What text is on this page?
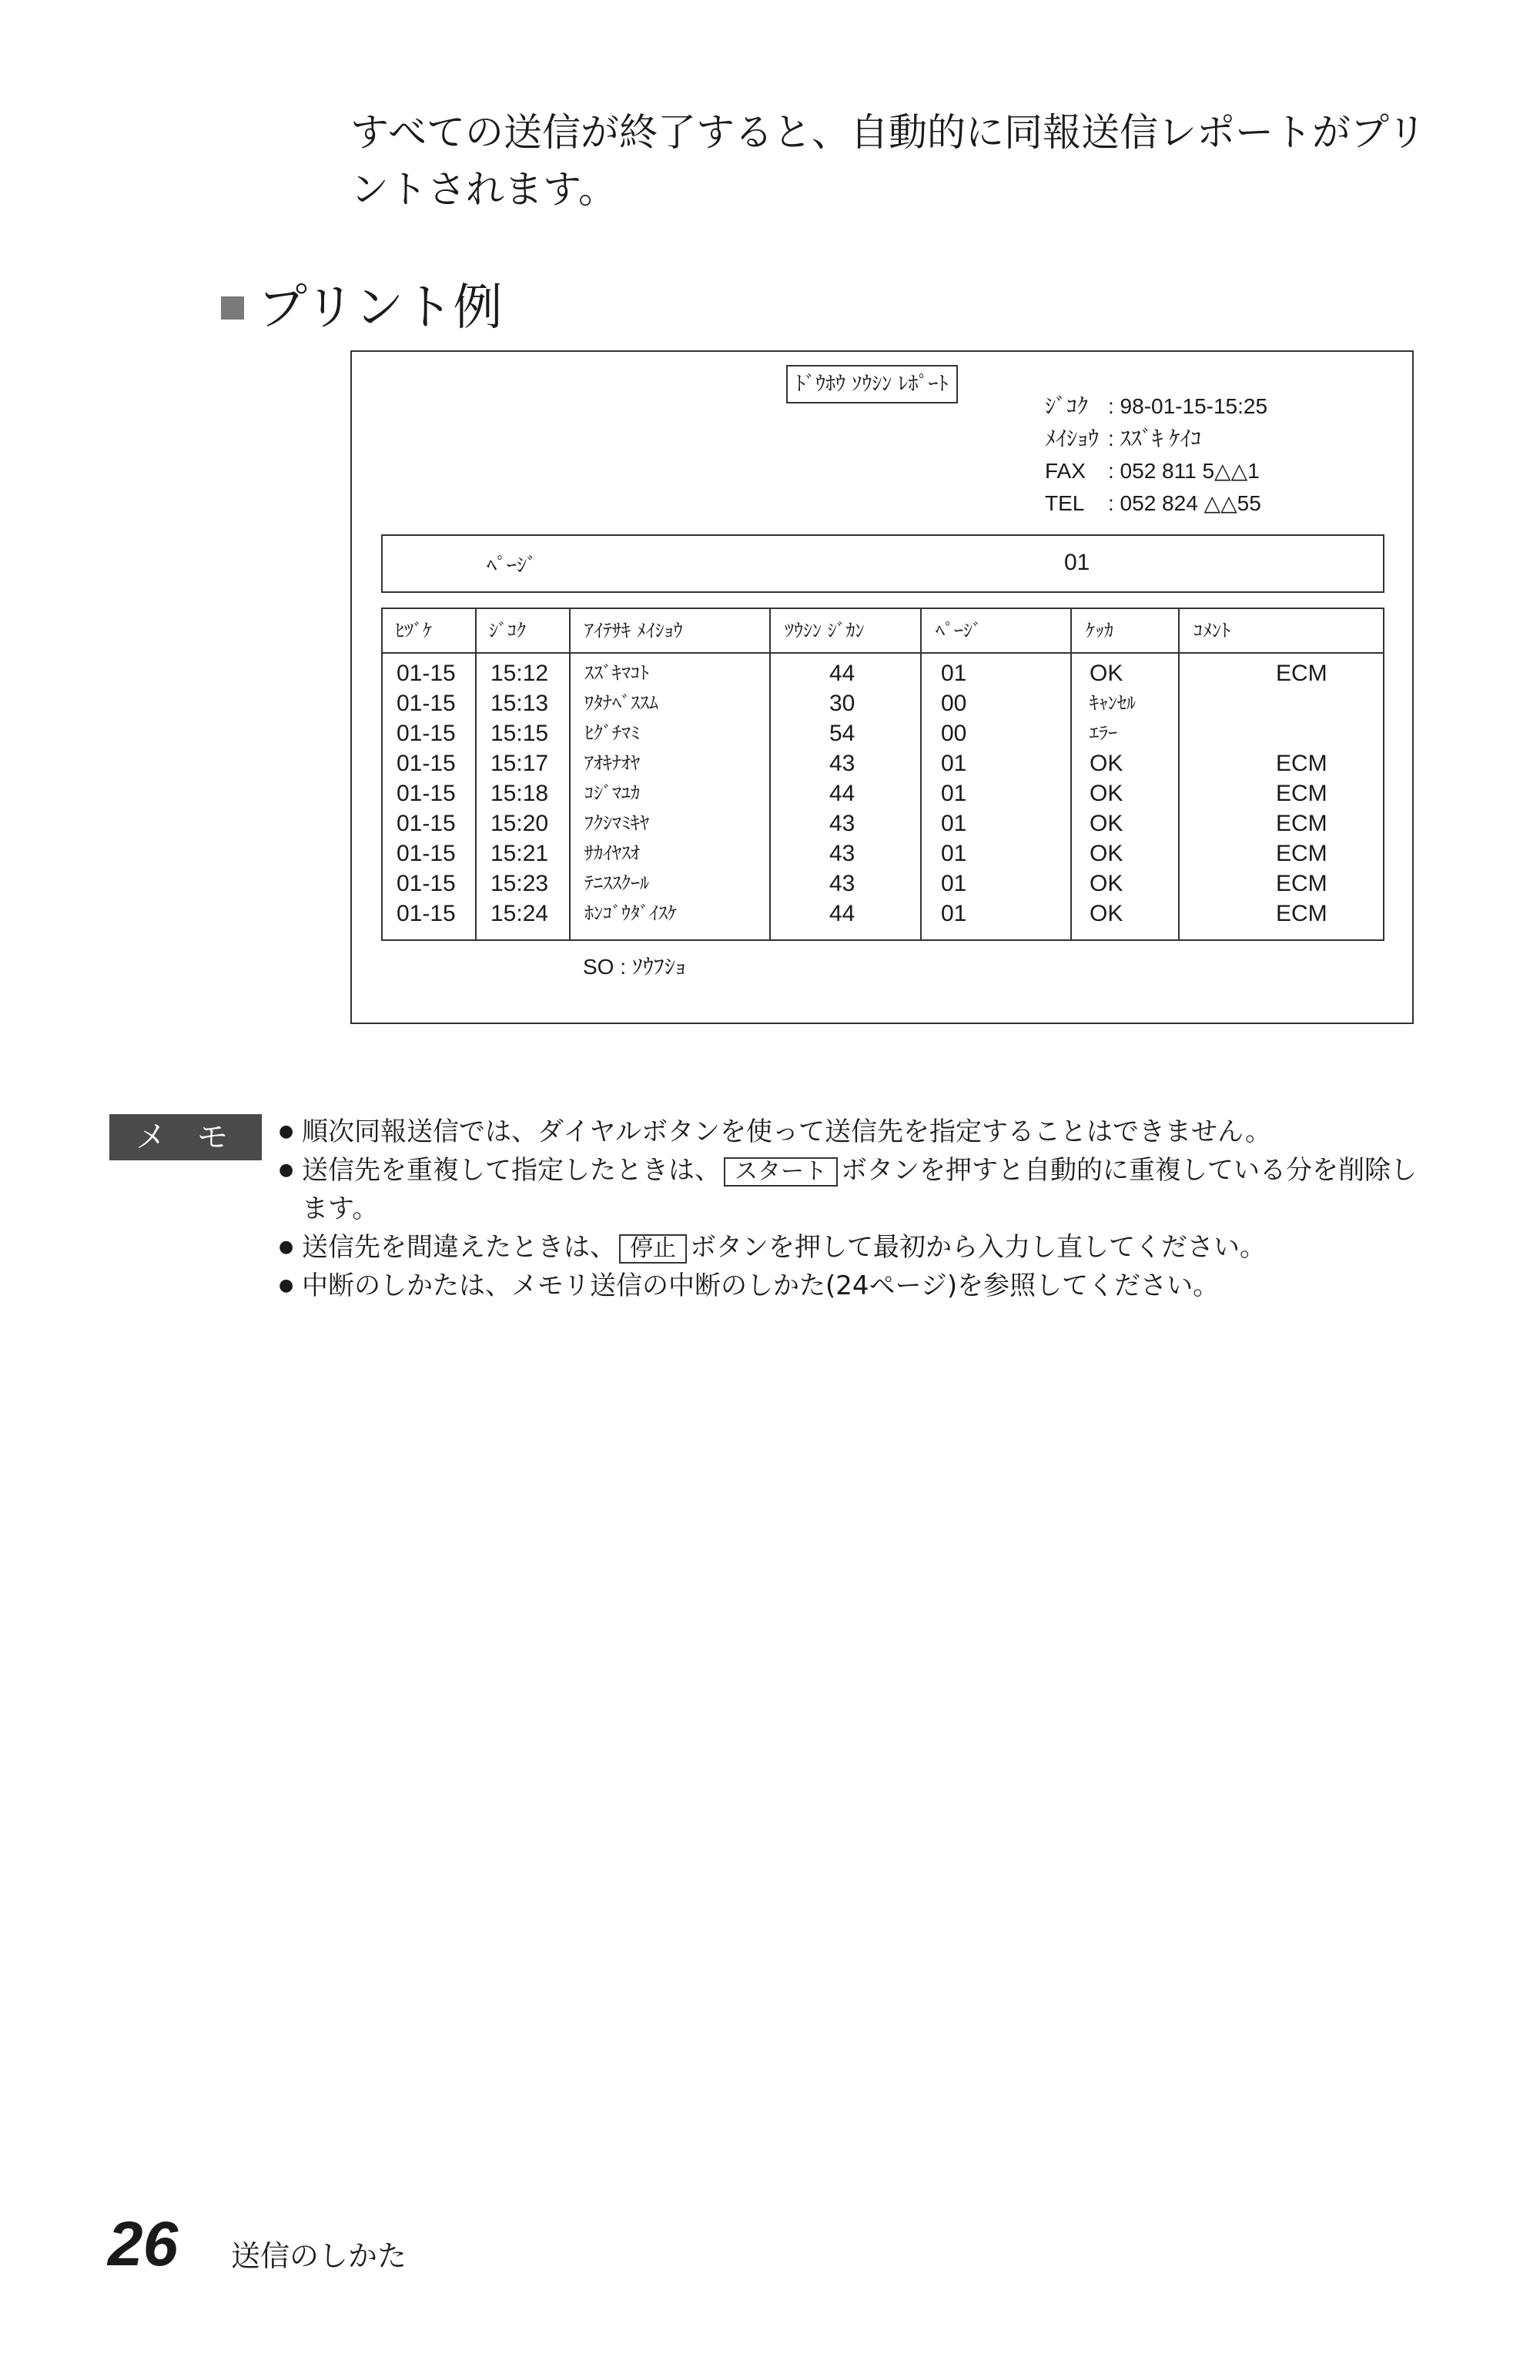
すべての送信が終了すると、自動的に同報送信レポートがプリントされます。
プリント例
ﾄﾞｳﾎｳ ｿｳｼﾝ ﾚﾎﾟｰﾄ
ｼﾞｺｸ : 98-01-15-15:25
ﾒｲｼｮｳ : ｽｽﾞｷ ｹｲｺ
FAX	: 052 811 5△△1
TEL	: 052 824 △△55
ﾍﾟｰｼﾞ	01
ﾋﾂﾞｹ	ｼﾞｺｸ	ｱｲﾃｻｷ ﾒｲｼｮｳ	ﾂｳｼﾝ ｼﾞｶﾝ	ﾍﾟｰｼﾞ	ｹｯｶ	ｺﾒﾝﾄ
01-15 15:12 ｽｽﾞｷﾏｺﾄ	44	01	OK	ECM
01-15 15:13 ﾜﾀﾅﾍﾞｽｽﾑ	30	00	ｷｬﾝｾﾙ
01-15 15:15 ﾋｸﾞﾁﾏﾐ	54	00	ｴﾗｰ
01-15 15:17 ｱｵｷﾅｵﾔ	43	01	OK	ECM
01-15 15:18 ｺｼﾞﾏﾕｶ	44	01	OK	ECM
01-15 15:20 ﾌｸｼﾏﾐｷﾔ	43	01	OK	ECM
01-15 15:21 ｻｶｲﾔｽｵ	43	01	OK	ECM
01-15 15:23 ﾃﾆｽｽｸｰﾙ	43	01	OK	ECM
01-15 15:24 ﾎﾝｺﾞｳﾀﾞｲｽｹ	44	01	OK	ECM
SO : ｿｳﾌｼｮ
メモ
●	順次同報送信では、ダイヤルボタンを使って送信先を指定することはできません。
● 送信先を重複して指定したときは、 スタート ボタンを押すと自動的に重複している分を削除します。
● 送信先を間違えたときは、 停止 ボタンを押して最初から入力し直してください。
● 中断のしかたは、メモリ送信の中断のしかた(24ページ)を参照してください。
26 送信のしかた
